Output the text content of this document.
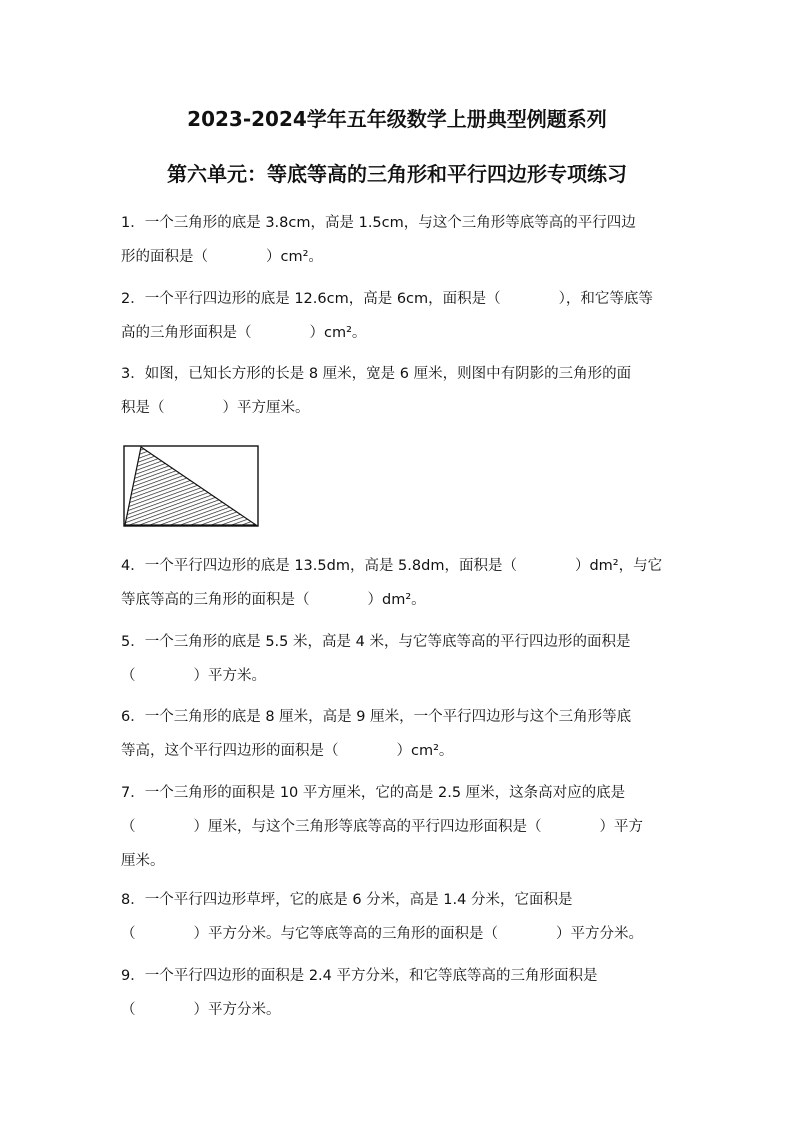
2023-2024学年五年级数学上册典型例题系列
第六单元：等底等高的三角形和平行四边形专项练习
1．一个三角形的底是 3.8cm，高是 1.5cm，与这个三角形等底等高的平行四边
形的面积是（　　　　）cm²。
2．一个平行四边形的底是 12.6cm，高是 6cm，面积是（　　　　），和它等底等
高的三角形面积是（　　　　）cm²。
3．如图，已知长方形的长是 8 厘米，宽是 6 厘米，则图中有阴影的三角形的面
积是（　　　　）平方厘米。
4．一个平行四边形的底是 13.5dm，高是 5.8dm，面积是（　　　　）dm²，与它
等底等高的三角形的面积是（　　　　）dm²。
5．一个三角形的底是 5.5 米，高是 4 米，与它等底等高的平行四边形的面积是
（　　　　）平方米。
6．一个三角形的底是 8 厘米，高是 9 厘米，一个平行四边形与这个三角形等底
等高，这个平行四边形的面积是（　　　　）cm²。
7．一个三角形的面积是 10 平方厘米，它的高是 2.5 厘米，这条高对应的底是
（　　　　）厘米，与这个三角形等底等高的平行四边形面积是（　　　　）平方
厘米。
8．一个平行四边形草坪，它的底是 6 分米，高是 1.4 分米，它面积是
（　　　　）平方分米。与它等底等高的三角形的面积是（　　　　）平方分米。
9．一个平行四边形的面积是 2.4 平方分米，和它等底等高的三角形面积是
（　　　　）平方分米。
